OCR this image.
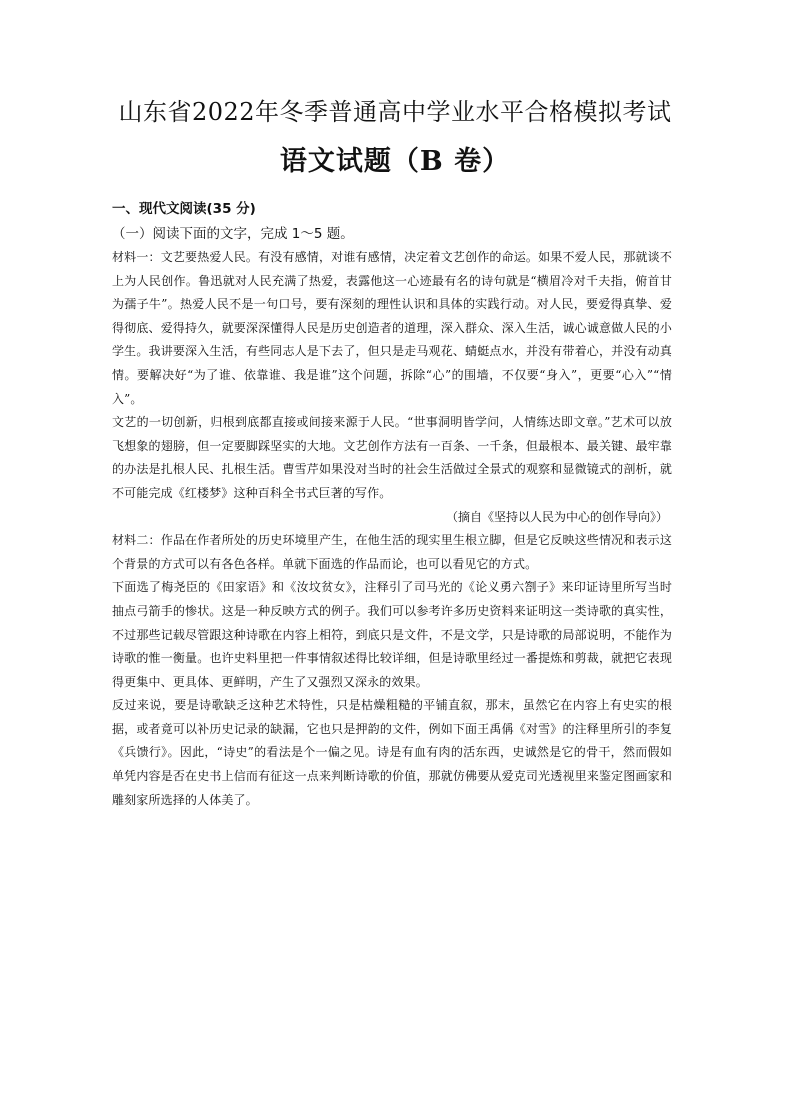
山东省2022年冬季普通高中学业水平合格模拟考试
语文试题（B 卷）
一、现代文阅读(35 分)
（一）阅读下面的文字，完成 1～5 题。

材料一：文艺要热爱人民。有没有感情，对谁有感情，决定着文艺创作的命运。如果不爱人民，那就谈不上为人民创作。鲁迅就对人民充满了热爱，表露他这一心迹最有名的诗句就是“横眉冷对千夫指，俯首甘为孺子牛”。热爱人民不是一句口号，要有深刻的理性认识和具体的实践行动。对人民，要爱得真挚、爱得彻底、爱得持久，就要深深懂得人民是历史创造者的道理，深入群众、深入生活，诚心诚意做人民的小学生。我讲要深入生活，有些同志人是下去了，但只是走马观花、蜻蜓点水，并没有带着心，并没有动真情。要解决好“为了谁、依靠谁、我是谁”这个问题，拆除“心”的围墙，不仅要“身入”，更要“心入”“情入”。

文艺的一切创新，归根到底都直接或间接来源于人民。“世事洞明皆学问，人情练达即文章。”艺术可以放飞想象的翅膀，但一定要脚踩坚实的大地。文艺创作方法有一百条、一千条，但最根本、最关键、最牢靠的办法是扎根人民、扎根生活。曹雪芹如果没对当时的社会生活做过全景式的观察和显微镜式的剖析，就不可能完成《红楼梦》这种百科全书式巨著的写作。

（摘自《坚持以人民为中心的创作导向》）

材料二：作品在作者所处的历史环境里产生，在他生活的现实里生根立脚，但是它反映这些情况和表示这个背景的方式可以有各色各样。单就下面选的作品而论，也可以看见它的方式。

下面选了梅尧臣的《田家语》和《汝坟贫女》，注释引了司马光的《论义勇六劄子》来印证诗里所写当时抽点弓箭手的惨状。这是一种反映方式的例子。我们可以参考许多历史资料来证明这一类诗歌的真实性，不过那些记载尽管跟这种诗歌在内容上相符，到底只是文件，不是文学，只是诗歌的局部说明，不能作为诗歌的惟一衡量。也许史料里把一件事情叙述得比较详细，但是诗歌里经过一番提炼和剪裁，就把它表现得更集中、更具体、更鲜明，产生了又强烈又深永的效果。

反过来说，要是诗歌缺乏这种艺术特性，只是枯燥粗糙的平铺直叙，那末，虽然它在内容上有史实的根据，或者竟可以补历史记录的缺漏，它也只是押韵的文件，例如下面王禹偁《对雪》的注释里所引的李复《兵馈行》。因此，“诗史”的看法是个一偏之见。诗是有血有肉的活东西，史诚然是它的骨干，然而假如单凭内容是否在史书上信而有征这一点来判断诗歌的价值，那就仿佛要从爱克司光透视里来鉴定图画家和雕刻家所选择的人体美了。
